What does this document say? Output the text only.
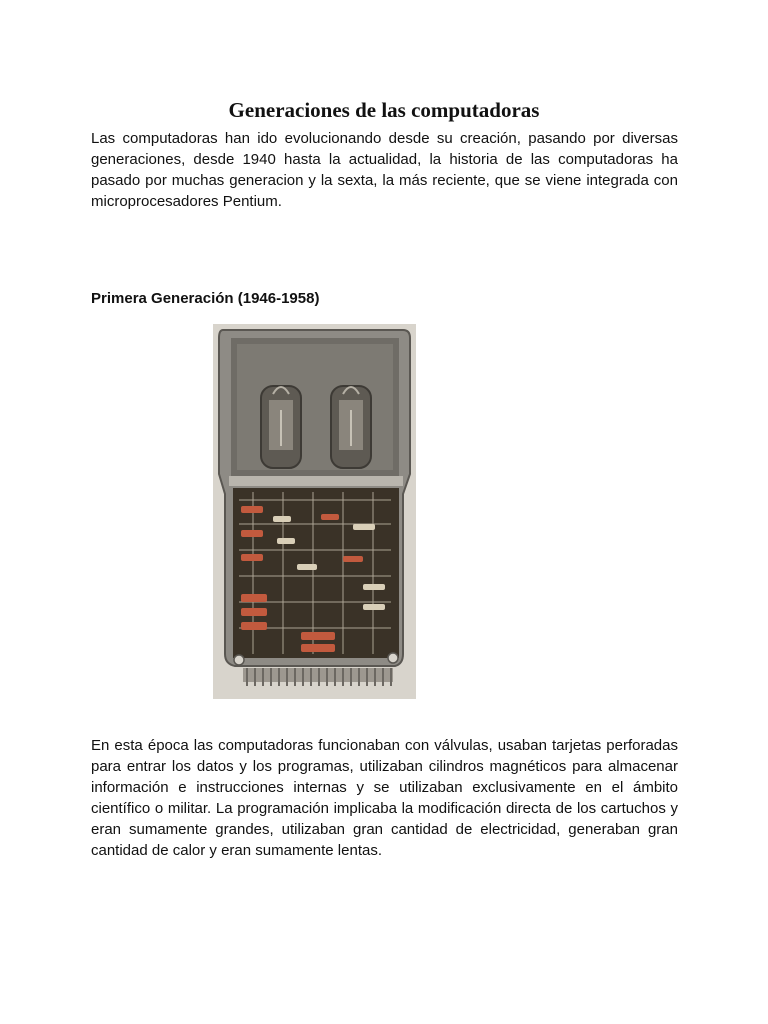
Generaciones de las computadoras

Las computadoras han ido evolucionando desde su creación, pasando por diversas generaciones, desde 1940 hasta la actualidad, la historia de las computadoras ha pasado por muchas generacion y la sexta, la más reciente, que se viene integrada con microprocesadores Pentium.

Primera Generación (1946-1958)

En esta época las computadoras funcionaban con válvulas, usaban tarjetas perforadas para entrar los datos y los programas, utilizaban cilindros magnéticos para almacenar información e instrucciones internas y se utilizaban exclusivamente en el ámbito científico o militar. La programación implicaba la modificación directa de los cartuchos y eran sumamente grandes, utilizaban gran cantidad de electricidad, generaban gran cantidad de calor y eran sumamente lentas.
